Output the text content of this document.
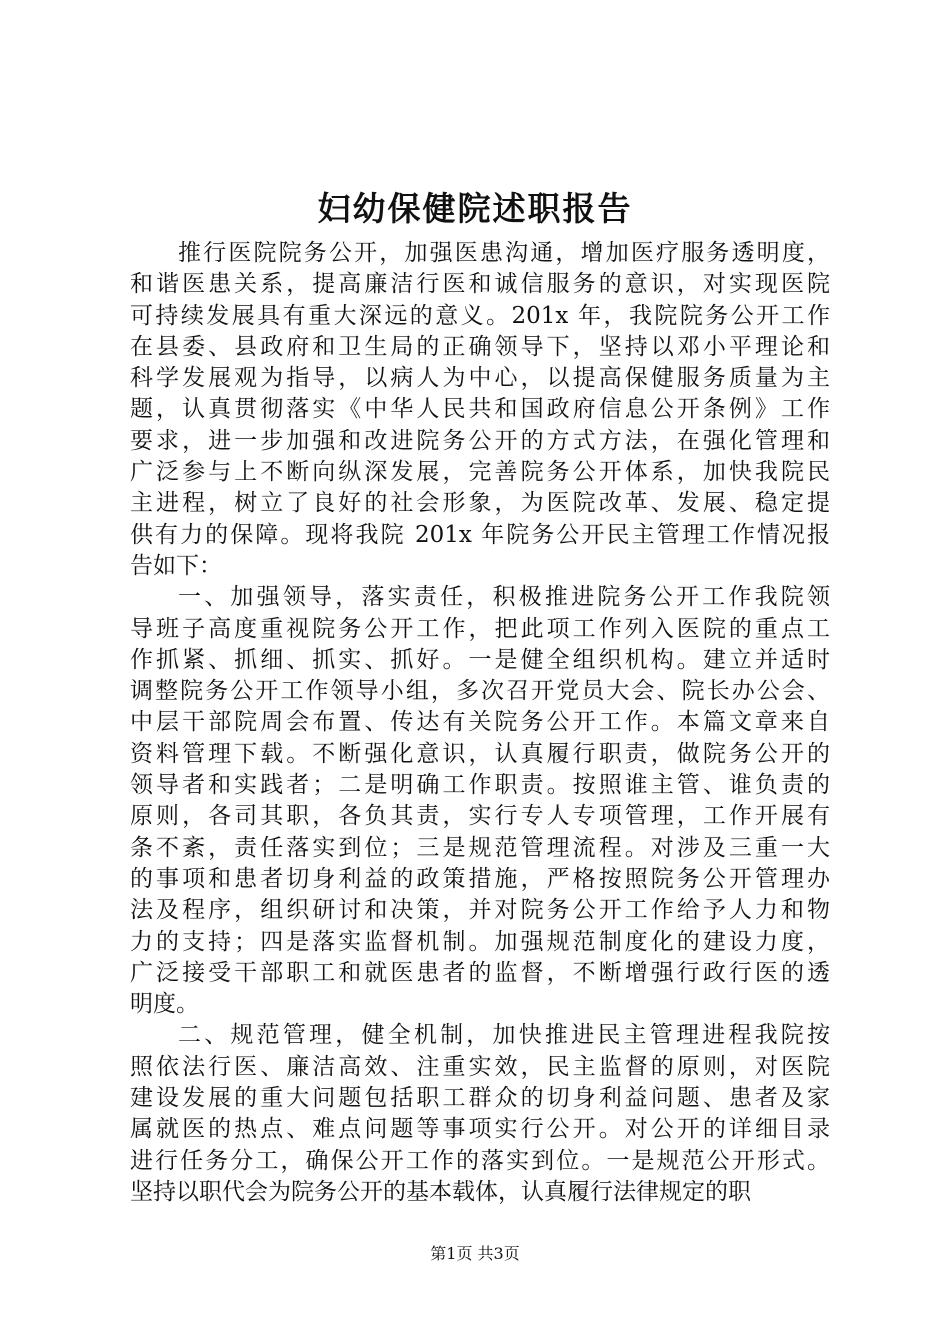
妇幼保健院述职报告
推行医院院务公开，加强医患沟通，增加医疗服务透明度，
和谐医患关系，提高廉洁行医和诚信服务的意识，对实现医院
可持续发展具有重大深远的意义。201x 年，我院院务公开工作
在县委、县政府和卫生局的正确领导下，坚持以邓小平理论和
科学发展观为指导，以病人为中心，以提高保健服务质量为主
题，认真贯彻落实《中华人民共和国政府信息公开条例》工作
要求，进一步加强和改进院务公开的方式方法，在强化管理和
广泛参与上不断向纵深发展，完善院务公开体系，加快我院民
主进程，树立了良好的社会形象，为医院改革、发展、稳定提
供有力的保障。现将我院 201x 年院务公开民主管理工作情况报
告如下：
一、加强领导，落实责任，积极推进院务公开工作我院领
导班子高度重视院务公开工作，把此项工作列入医院的重点工
作抓紧、抓细、抓实、抓好。一是健全组织机构。建立并适时
调整院务公开工作领导小组，多次召开党员大会、院长办公会、
中层干部院周会布置、传达有关院务公开工作。本篇文章来自
资料管理下载。不断强化意识，认真履行职责，做院务公开的
领导者和实践者；二是明确工作职责。按照谁主管、谁负责的
原则，各司其职，各负其责，实行专人专项管理，工作开展有
条不紊，责任落实到位；三是规范管理流程。对涉及三重一大
的事项和患者切身利益的政策措施，严格按照院务公开管理办
法及程序，组织研讨和决策，并对院务公开工作给予人力和物
力的支持；四是落实监督机制。加强规范制度化的建设力度，
广泛接受干部职工和就医患者的监督，不断增强行政行医的透
明度。
二、规范管理，健全机制，加快推进民主管理进程我院按
照依法行医、廉洁高效、注重实效，民主监督的原则，对医院
建设发展的重大问题包括职工群众的切身利益问题、患者及家
属就医的热点、难点问题等事项实行公开。对公开的详细目录
进行任务分工，确保公开工作的落实到位。一是规范公开形式。
坚持以职代会为院务公开的基本载体，认真履行法律规定的职
第1页 共3页
